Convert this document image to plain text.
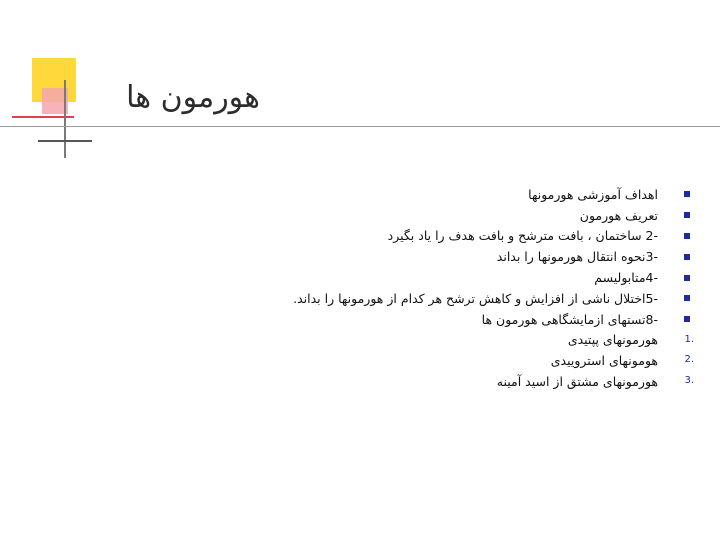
هورمون ها
اهداف آموزشی هورمونها
تعریف هورمون
-2 ساختمان ، بافت مترشح و بافت هدف را یاد بگیرد
-3نحوه انتقال هورمونها را بداند
-4متابولیسم
-5اختلال ناشی از افزایش و کاهش ترشح هر کدام از هورمونها را بداند.
-8تستهای ازمایشگاهی هورمون ها
1.
هورمونهای پپتیدی
2.
هومونهای استروییدی
3.
هورمونهای مشتق از اسید آمینه
